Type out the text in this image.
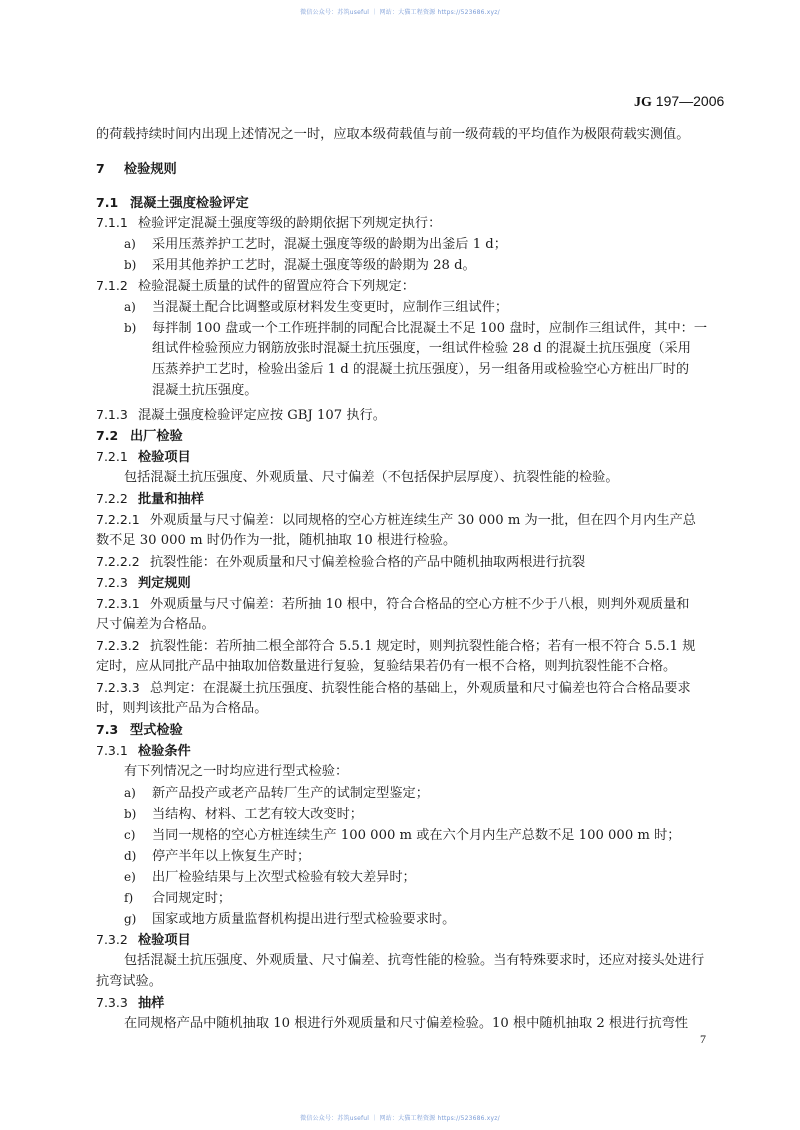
微信公众号：苏筑useful ｜ 网站：大猫工程资源 https://523686.xyz/
JG 197—2006
的荷载持续时间内出现上述情况之一时，应取本级荷载值与前一级荷载的平均值作为极限荷载实测值。
7 检验规则
7.1 混凝土强度检验评定
7.1.1 检验评定混凝土强度等级的龄期依据下列规定执行：
a) 采用压蒸养护工艺时，混凝土强度等级的龄期为出釜后 1 d；
b) 采用其他养护工艺时，混凝土强度等级的龄期为 28 d。
7.1.2 检验混凝土质量的试件的留置应符合下列规定：
a) 当混凝土配合比调整或原材料发生变更时，应制作三组试件；
b) 每拌制 100 盘或一个工作班拌制的同配合比混凝土不足 100 盘时，应制作三组试件，其中：一
组试件检验预应力钢筋放张时混凝土抗压强度，一组试件检验 28 d 的混凝土抗压强度（采用
压蒸养护工艺时，检验出釜后 1 d 的混凝土抗压强度），另一组备用或检验空心方桩出厂时的
混凝土抗压强度。
7.1.3 混凝土强度检验评定应按 GBJ 107 执行。
7.2 出厂检验
7.2.1 检验项目
包括混凝土抗压强度、外观质量、尺寸偏差（不包括保护层厚度）、抗裂性能的检验。
7.2.2 批量和抽样
7.2.2.1 外观质量与尺寸偏差：以同规格的空心方桩连续生产 30 000 m 为一批，但在四个月内生产总
数不足 30 000 m 时仍作为一批，随机抽取 10 根进行检验。
7.2.2.2 抗裂性能：在外观质量和尺寸偏差检验合格的产品中随机抽取两根进行抗裂
7.2.3 判定规则
7.2.3.1 外观质量与尺寸偏差：若所抽 10 根中，符合合格品的空心方桩不少于八根，则判外观质量和
尺寸偏差为合格品。
7.2.3.2 抗裂性能：若所抽二根全部符合 5.5.1 规定时，则判抗裂性能合格；若有一根不符合 5.5.1 规
定时，应从同批产品中抽取加倍数量进行复验，复验结果若仍有一根不合格，则判抗裂性能不合格。
7.2.3.3 总判定：在混凝土抗压强度、抗裂性能合格的基础上，外观质量和尺寸偏差也符合合格品要求
时，则判该批产品为合格品。
7.3 型式检验
7.3.1 检验条件
有下列情况之一时均应进行型式检验：
a) 新产品投产或老产品转厂生产的试制定型鉴定；
b) 当结构、材料、工艺有较大改变时；
c) 当同一规格的空心方桩连续生产 100 000 m 或在六个月内生产总数不足 100 000 m 时；
d) 停产半年以上恢复生产时；
e) 出厂检验结果与上次型式检验有较大差异时；
f) 合同规定时；
g) 国家或地方质量监督机构提出进行型式检验要求时。
7.3.2 检验项目
包括混凝土抗压强度、外观质量、尺寸偏差、抗弯性能的检验。当有特殊要求时，还应对接头处进行
抗弯试验。
7.3.3 抽样
在同规格产品中随机抽取 10 根进行外观质量和尺寸偏差检验。10 根中随机抽取 2 根进行抗弯性
7
微信公众号：苏筑useful ｜ 网站：大猫工程资源 https://523686.xyz/
